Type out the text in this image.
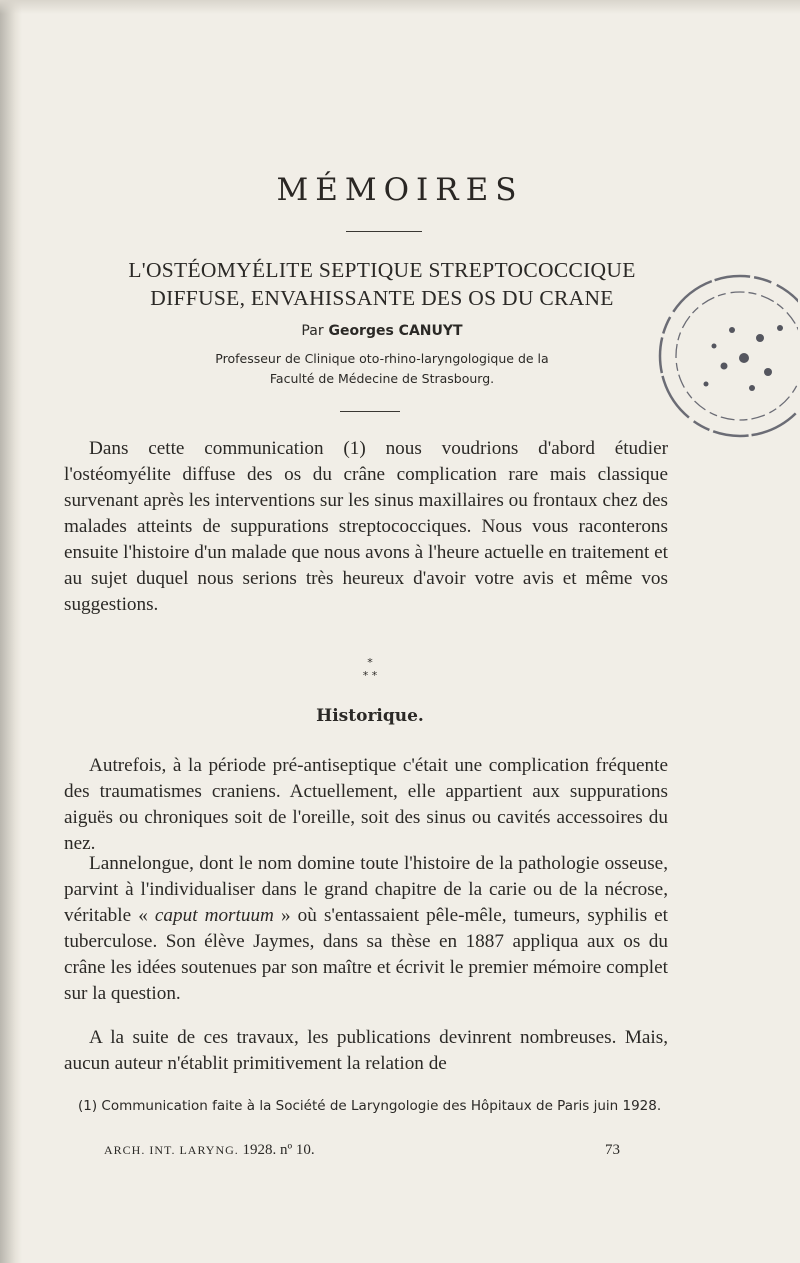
MÉMOIRES
L'OSTÉOMYÉLITE SEPTIQUE STREPTOCOCCIQUE
DIFFUSE, ENVAHISSANTE DES OS DU CRANE
Par Georges CANUYT
Professeur de Clinique oto-rhino-laryngologique de la
Faculté de Médecine de Strasbourg.

Dans cette communication (1) nous voudrions d'abord étudier l'ostéomyélite diffuse des os du crâne complication rare mais classique survenant après les interventions sur les sinus maxillaires ou frontaux chez des malades atteints de suppurations streptococciques. Nous vous raconterons ensuite l'histoire d'un malade que nous avons à l'heure actuelle en traitement et au sujet duquel nous serions très heureux d'avoir votre avis et même vos suggestions.

*
* *
Historique.

Autrefois, à la période pré-antiseptique c'était une complication fréquente des traumatismes craniens. Actuellement, elle appartient aux suppurations aiguës ou chroniques soit de l'oreille, soit des sinus ou cavités accessoires du nez.

Lannelongue, dont le nom domine toute l'histoire de la pathologie osseuse, parvint à l'individualiser dans le grand chapitre de la carie ou de la nécrose, véritable « caput mortuum » où s'entassaient pêle-mêle, tumeurs, syphilis et tuberculose. Son élève Jaymes, dans sa thèse en 1887 appliqua aux os du crâne les idées soutenues par son maître et écrivit le premier mémoire complet sur la question.

A la suite de ces travaux, les publications devinrent nombreuses. Mais, aucun auteur n'établit primitivement la relation de

(1) Communication faite à la Société de Laryngologie des Hôpitaux de Paris juin 1928.
ARCH. INT. LARYNG. 1928. nº 10.	73
